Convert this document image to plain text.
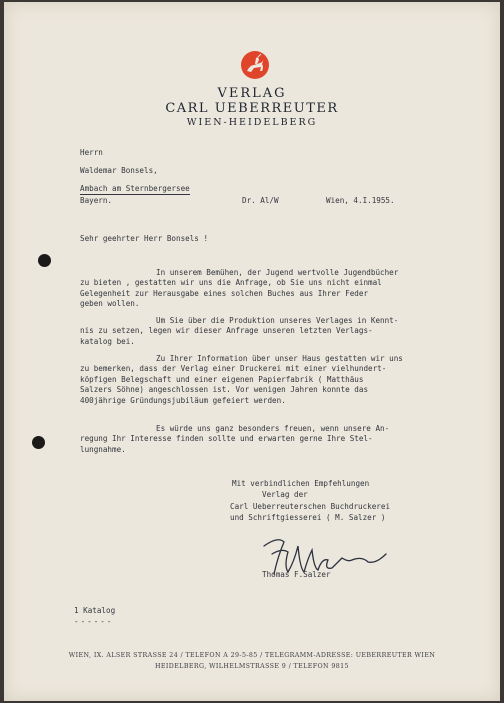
VERLAG
CARL UEBERREUTER
WIEN-HEIDELBERG
Herrn
Waldemar Bonsels,
Ambach am Sternbergersee
Bayern.	Dr. Al/W	Wien, 4.I.1955.
Sehr geehrter Herr Bonsels !
In unserem Bemühen, der Jugend wertvolle Jugendbücher
zu bieten , gestatten wir uns die Anfrage, ob Sie uns nicht einmal
Gelegenheit zur Herausgabe eines solchen Buches aus Ihrer Feder
geben wollen.
Um Sie über die Produktion unseres Verlages in Kennt-
nis zu setzen, legen wir dieser Anfrage unseren letzten Verlags-
katalog bei.
Zu Ihrer Information über unser Haus gestatten wir uns
zu bemerken, dass der Verlag einer Druckerei mit einer vielhundert-
köpfigen Belegschaft und einer eigenen Papierfabrik ( Matthäus
Salzers Söhne) angeschlossen ist. Vor wenigen Jahren konnte das
400jährige Gründungsjubiläum gefeiert werden.
Es würde uns ganz besonders freuen, wenn unsere An-
regung Ihr Interesse finden sollte und erwarten gerne Ihre Stel-
lungnahme.
Mit verbindlichen Empfehlungen
Verlag der
Carl Ueberreuterschen Buchdruckerei
und Schriftgiesserei ( M. Salzer )
Thomas F.Salzer
1 Katalog
------
WIEN, IX. ALSER STRASSE 24 / TELEFON A 29-5-85 / TELEGRAMM-ADRESSE: UEBERREUTER WIEN
HEIDELBERG, WILHELMSTRASSE 9 / TELEFON 9815
